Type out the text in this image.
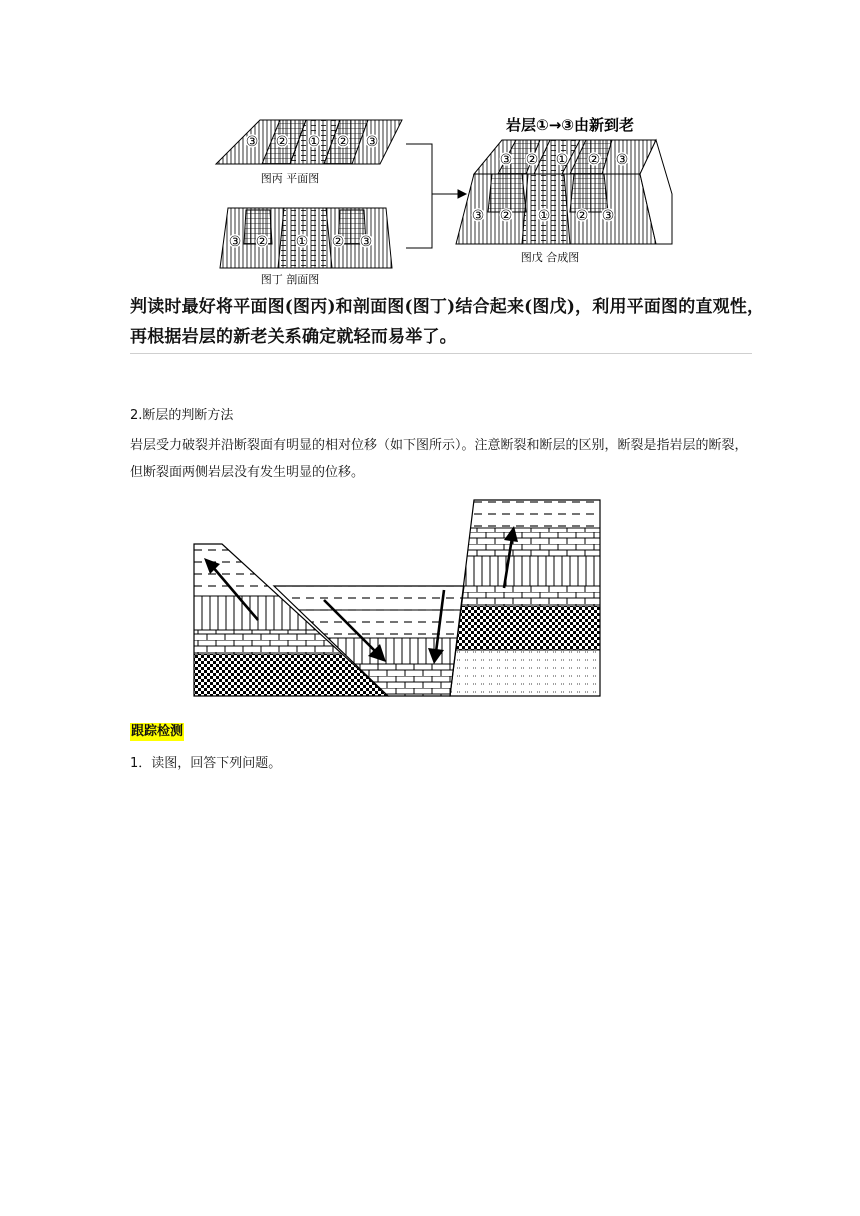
③ ② ① ② ③
图丙 平面图
③ ② ① ② ③
图丁 剖面图
岩层①→③由新到老
③ ② ① ② ③
③ ② ① ② ③
图戊 合成图
判读时最好将平面图(图丙)和剖面图(图丁)结合起来(图戊)，利用平面图的直观性，再根据岩层的新老关系确定就轻而易举了。
2.断层的判断方法
岩层受力破裂并沿断裂面有明显的相对位移（如下图所示）。注意断裂和断层的区别，断裂是指岩层的断裂，但断裂面两侧岩层没有发生明显的位移。
跟踪检测
1．读图，回答下列问题。
